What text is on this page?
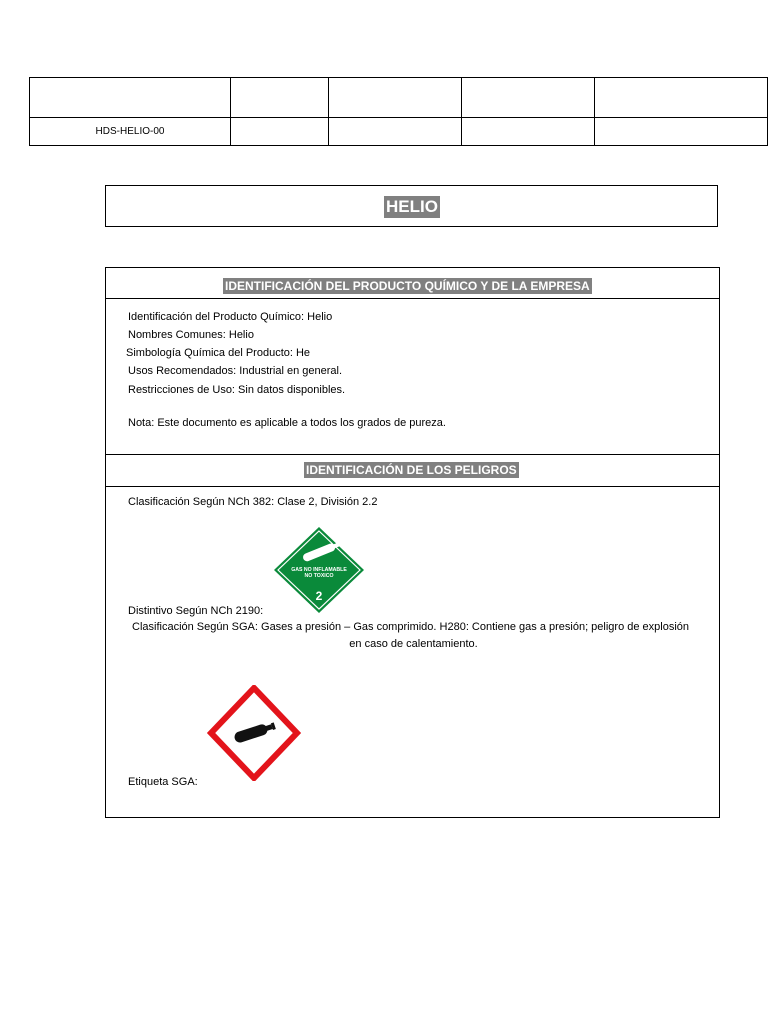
HDS-HELIO-00				
HELIO
IDENTIFICACIÓN DEL PRODUCTO QUÍMICO Y DE LA EMPRESA
Identificación del Producto Químico: Helio
Nombres Comunes: Helio
Simbología Química del Producto: He
Usos Recomendados: Industrial en general.
Restricciones de Uso: Sin datos disponibles.
Nota: Este documento es aplicable a todos los grados de pureza.
IDENTIFICACIÓN DE LOS PELIGROS
Clasificación Según NCh 382: Clase 2, División 2.2
GAS NO INFLAMABLE
NO TOXICO
2
Distintivo Según NCh 2190:
Clasificación Según SGA: Gases a presión – Gas comprimido. H280: Contiene gas a presión; peligro de explosión
en caso de calentamiento.
Etiqueta SGA:
